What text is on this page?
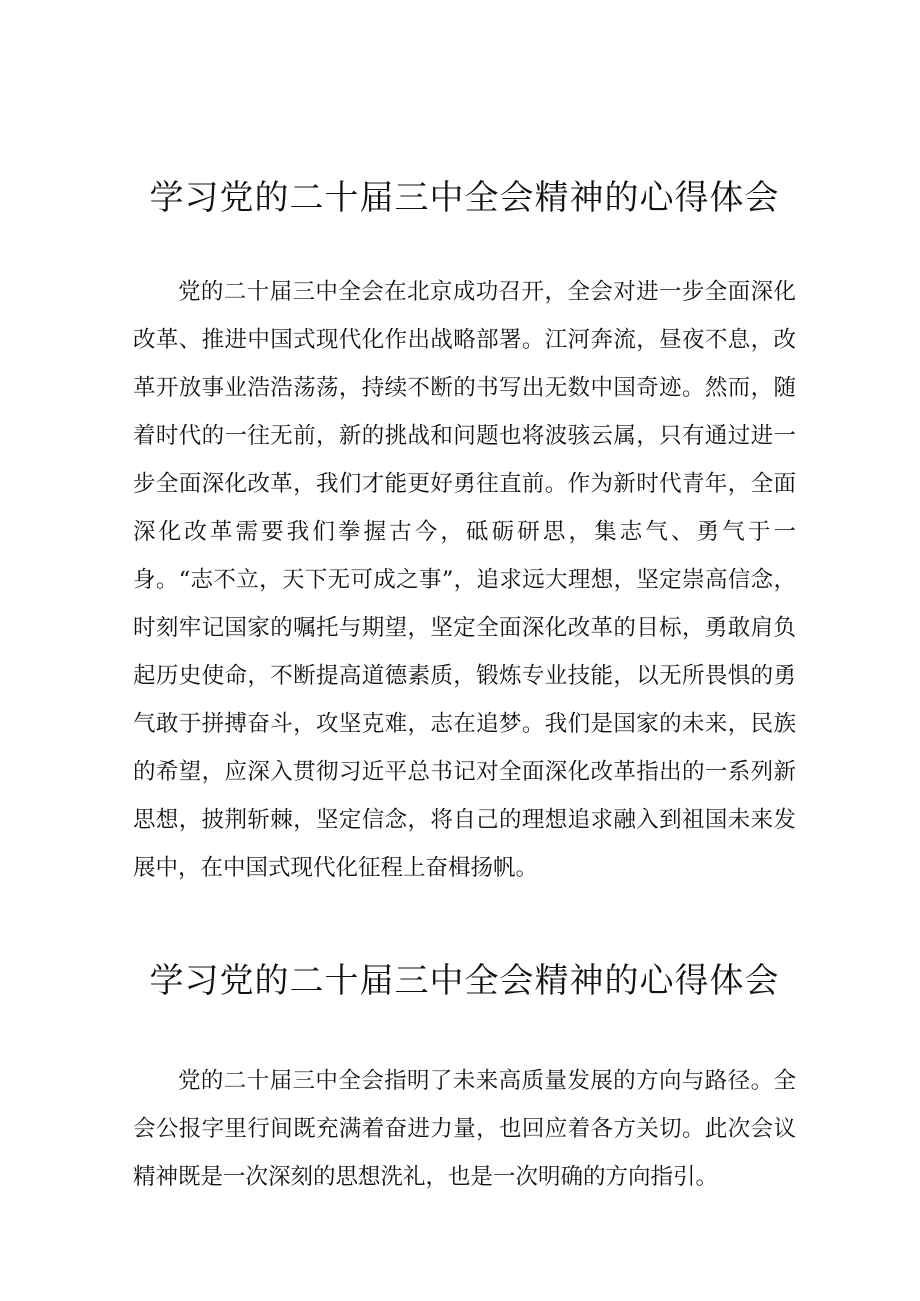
学习党的二十届三中全会精神的心得体会

党的二十届三中全会在北京成功召开，全会对进一步全面深化改革、推进中国式现代化作出战略部署。江河奔流，昼夜不息，改革开放事业浩浩荡荡，持续不断的书写出无数中国奇迹。然而，随着时代的一往无前，新的挑战和问题也将波骇云属，只有通过进一步全面深化改革，我们才能更好勇往直前。作为新时代青年，全面深化改革需要我们拳握古今，砥砺研思，集志气、勇气于一身。“志不立，天下无可成之事”，追求远大理想，坚定崇高信念，时刻牢记国家的嘱托与期望，坚定全面深化改革的目标，勇敢肩负起历史使命，不断提高道德素质，锻炼专业技能，以无所畏惧的勇气敢于拼搏奋斗，攻坚克难，志在追梦。我们是国家的未来，民族的希望，应深入贯彻习近平总书记对全面深化改革指出的一系列新思想，披荆斩棘，坚定信念，将自己的理想追求融入到祖国未来发展中，在中国式现代化征程上奋楫扬帆。

学习党的二十届三中全会精神的心得体会

党的二十届三中全会指明了未来高质量发展的方向与路径。全会公报字里行间既充满着奋进力量，也回应着各方关切。此次会议精神既是一次深刻的思想洗礼，也是一次明确的方向指引。
